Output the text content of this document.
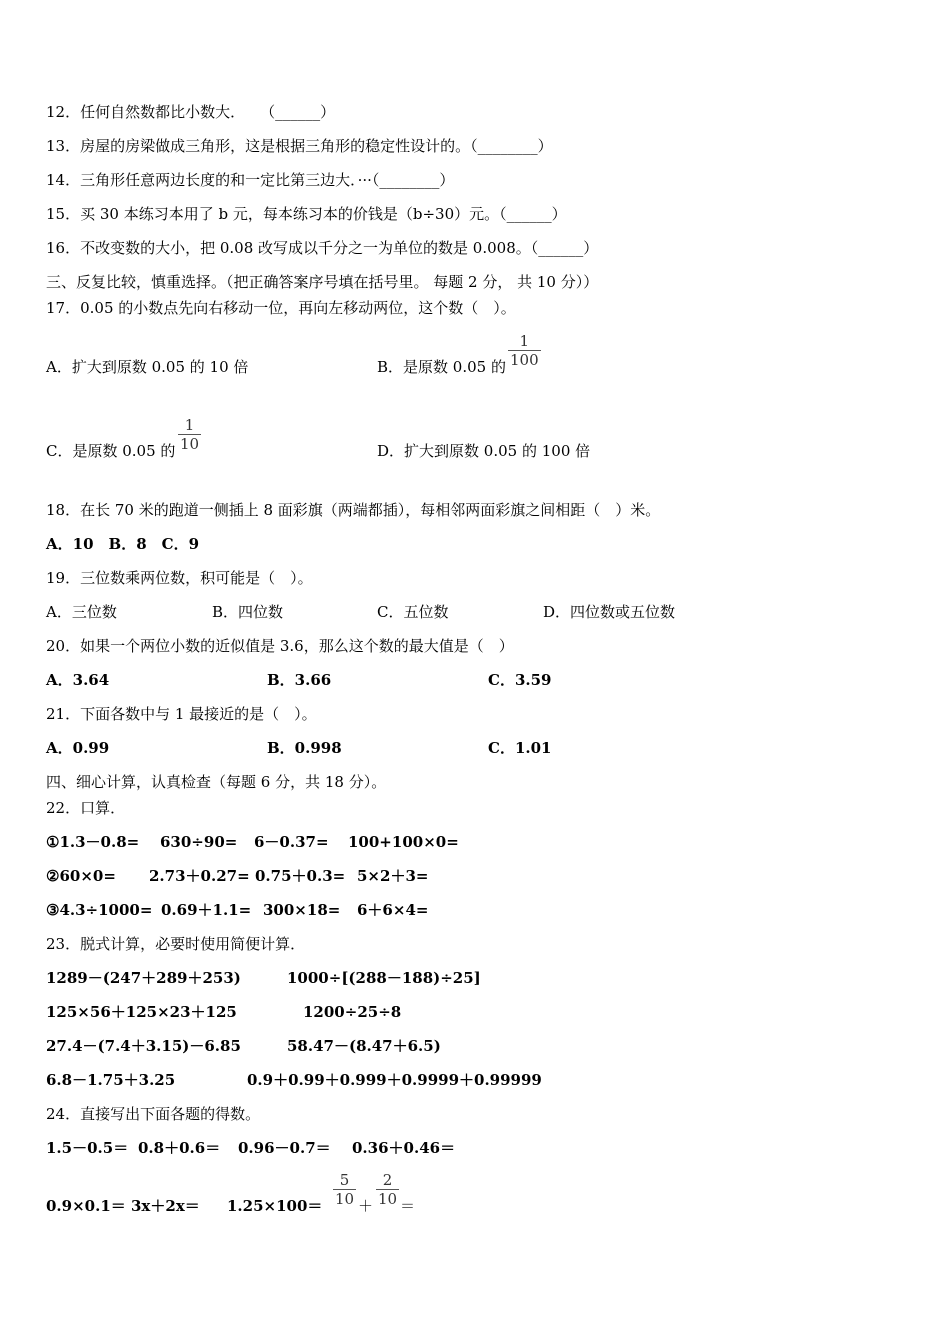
12．任何自然数都比小数大．　　（______）
13．房屋的房梁做成三角形，这是根据三角形的稳定性设计的。（________）
14．三角形任意两边长度的和一定比第三边大．···（________）
15．买 30 本练习本用了 b 元，每本练习本的价钱是（b÷30）元。（______）
16．不改变数的大小，把 0.08 改写成以千分之一为单位的数是 0.008。（______）
三、反复比较，慎重选择。（把正确答案序号填在括号里。 每题 2 分， 共 10 分））
17．0.05 的小数点先向右移动一位，再向左移动两位，这个数（　）。
A．扩大到原数 0.05 的 10 倍	B．是原数 0.05 的
1
100
C．是原数 0.05 的
1
10	D．扩大到原数 0.05 的 100 倍
18．在长 70 米的跑道一侧插上 8 面彩旗（两端都插），每相邻两面彩旗之间相距（　）米。
A．10　B．8　C．9
19．三位数乘两位数，积可能是（　）。
A．三位数	B．四位数	C．五位数	D．四位数或五位数
20．如果一个两位小数的近似值是 3.6，那么这个数的最大值是（　）
A．3.64	B．3.66	C．3.59
21．下面各数中与 1 最接近的是（　）。
A．0.99	B．0.998	C．1.01
四、细心计算，认真检查（每题 6 分，共 18 分）。
22．口算．
①1.3－0.8= 630÷90= 6－0.37= 100+100×0=
②60×0= 2.73＋0.27= 0.75＋0.3= 5×2＋3=
③4.3÷1000= 0.69＋1.1= 300×18= 6＋6×4=
23．脱式计算，必要时使用简便计算．
1289－(247＋289＋253)	1000÷[(288－188)÷25]
125×56＋125×23＋125	1200÷25÷8
27.4－(7.4＋3.15)－6.85	58.47－(8.47＋6.5)
6.8－1.75＋3.25	0.9＋0.99＋0.999＋0.9999＋0.99999
24．直接写出下面各题的得数。
1.5－0.5＝ 0.8＋0.6＝ 0.96－0.7＝ 0.36＋0.46＝
0.9×0.1＝ 3x＋2x＝ 1.25×100＝
5
10 ＋
2
10 ＝
